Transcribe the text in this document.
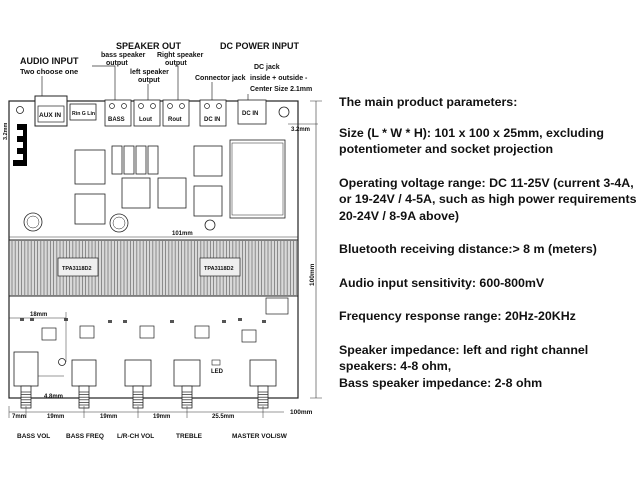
AUDIO INPUT
Two choose one
SPEAKER OUT
bass speaker
output
left speaker
output
Right speaker
output
DC POWER INPUT
Connector jack
DC jack
inside + outside -
Center Size 2.1mm
AUX IN Rin G Lin
BASS Lout	Rout	DC IN
DC IN
3.2mm	3.2mm
101mm
TPA3118D2	TPA3118D2
18mm
LED
4.8mm
7mm	19mm	19mm	19mm	25.5mm
100mm
BASS VOL BASS FREQ L/R-CH VOL	TREBLE	MASTER VOL/SW
100mm
The main product parameters:
Size (L * W * H): 101 x 100 x 25mm, excluding potentiometer and socket projection
Operating voltage range: DC 11-25V (current 3-4A, or 19-24V / 4-5A, such as high power requirements 20-24V / 8-9A above)
Bluetooth receiving distance:> 8 m (meters)
Audio input sensitivity: 600-800mV
Frequency response range: 20Hz-20KHz
Speaker impedance: left and right channel speakers: 4-8 ohm,
Bass speaker impedance: 2-8 ohm
